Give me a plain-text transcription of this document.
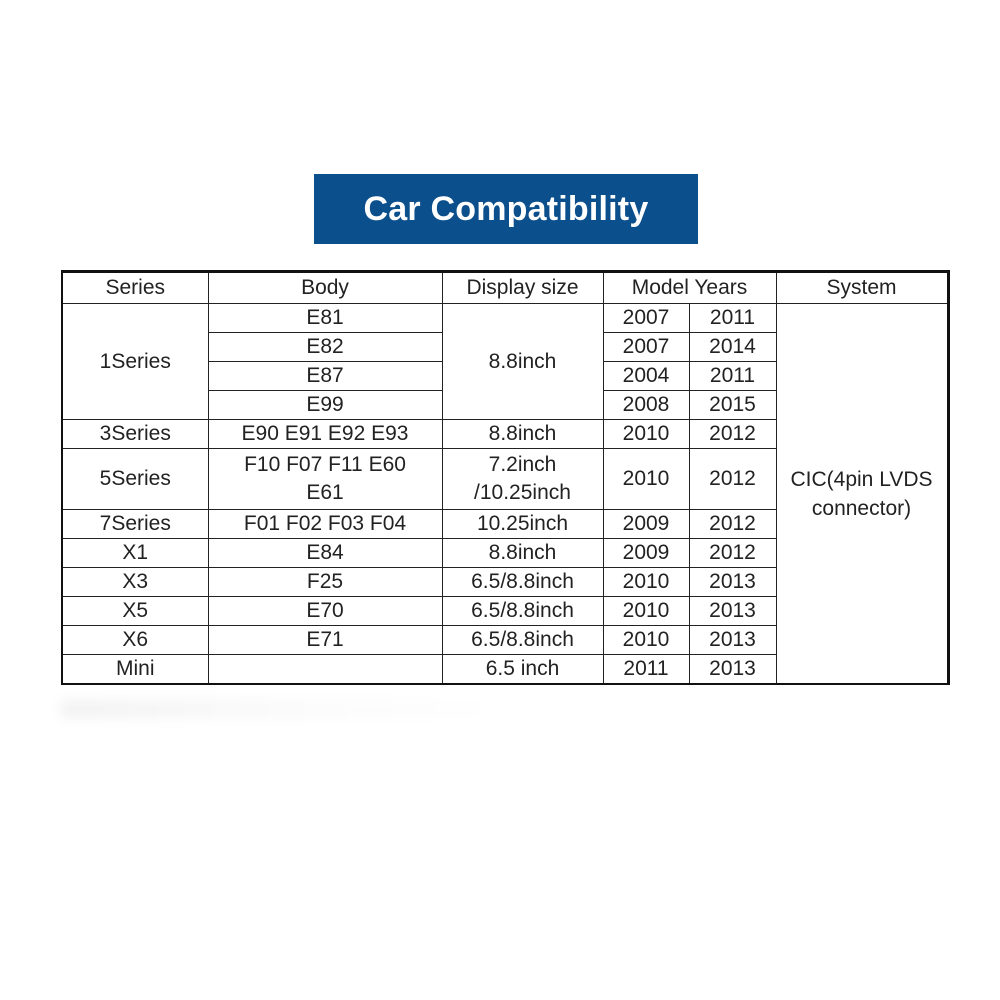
Car Compatibility
Series	Body	Display size	Model Years		System
1Series	E81	8.8inch	2007	2011	CIC(4pin LVDS connector)
	E82		2007	2014	
	E87		2004	2011	
	E99		2008	2015	
3Series	E90 E91 E92 E93	8.8inch	2010	2012	
5Series	F10 F07 F11 E60 E61	7.2inch /10.25inch	2010	2012	
7Series	F01 F02 F03 F04	10.25inch	2009	2012	
X1	E84	8.8inch	2009	2012	
X3	F25	6.5/8.8inch	2010	2013	
X5	E70	6.5/8.8inch	2010	2013	
X6	E71	6.5/8.8inch	2010	2013	
Mini		6.5 inch	2011	2013	
